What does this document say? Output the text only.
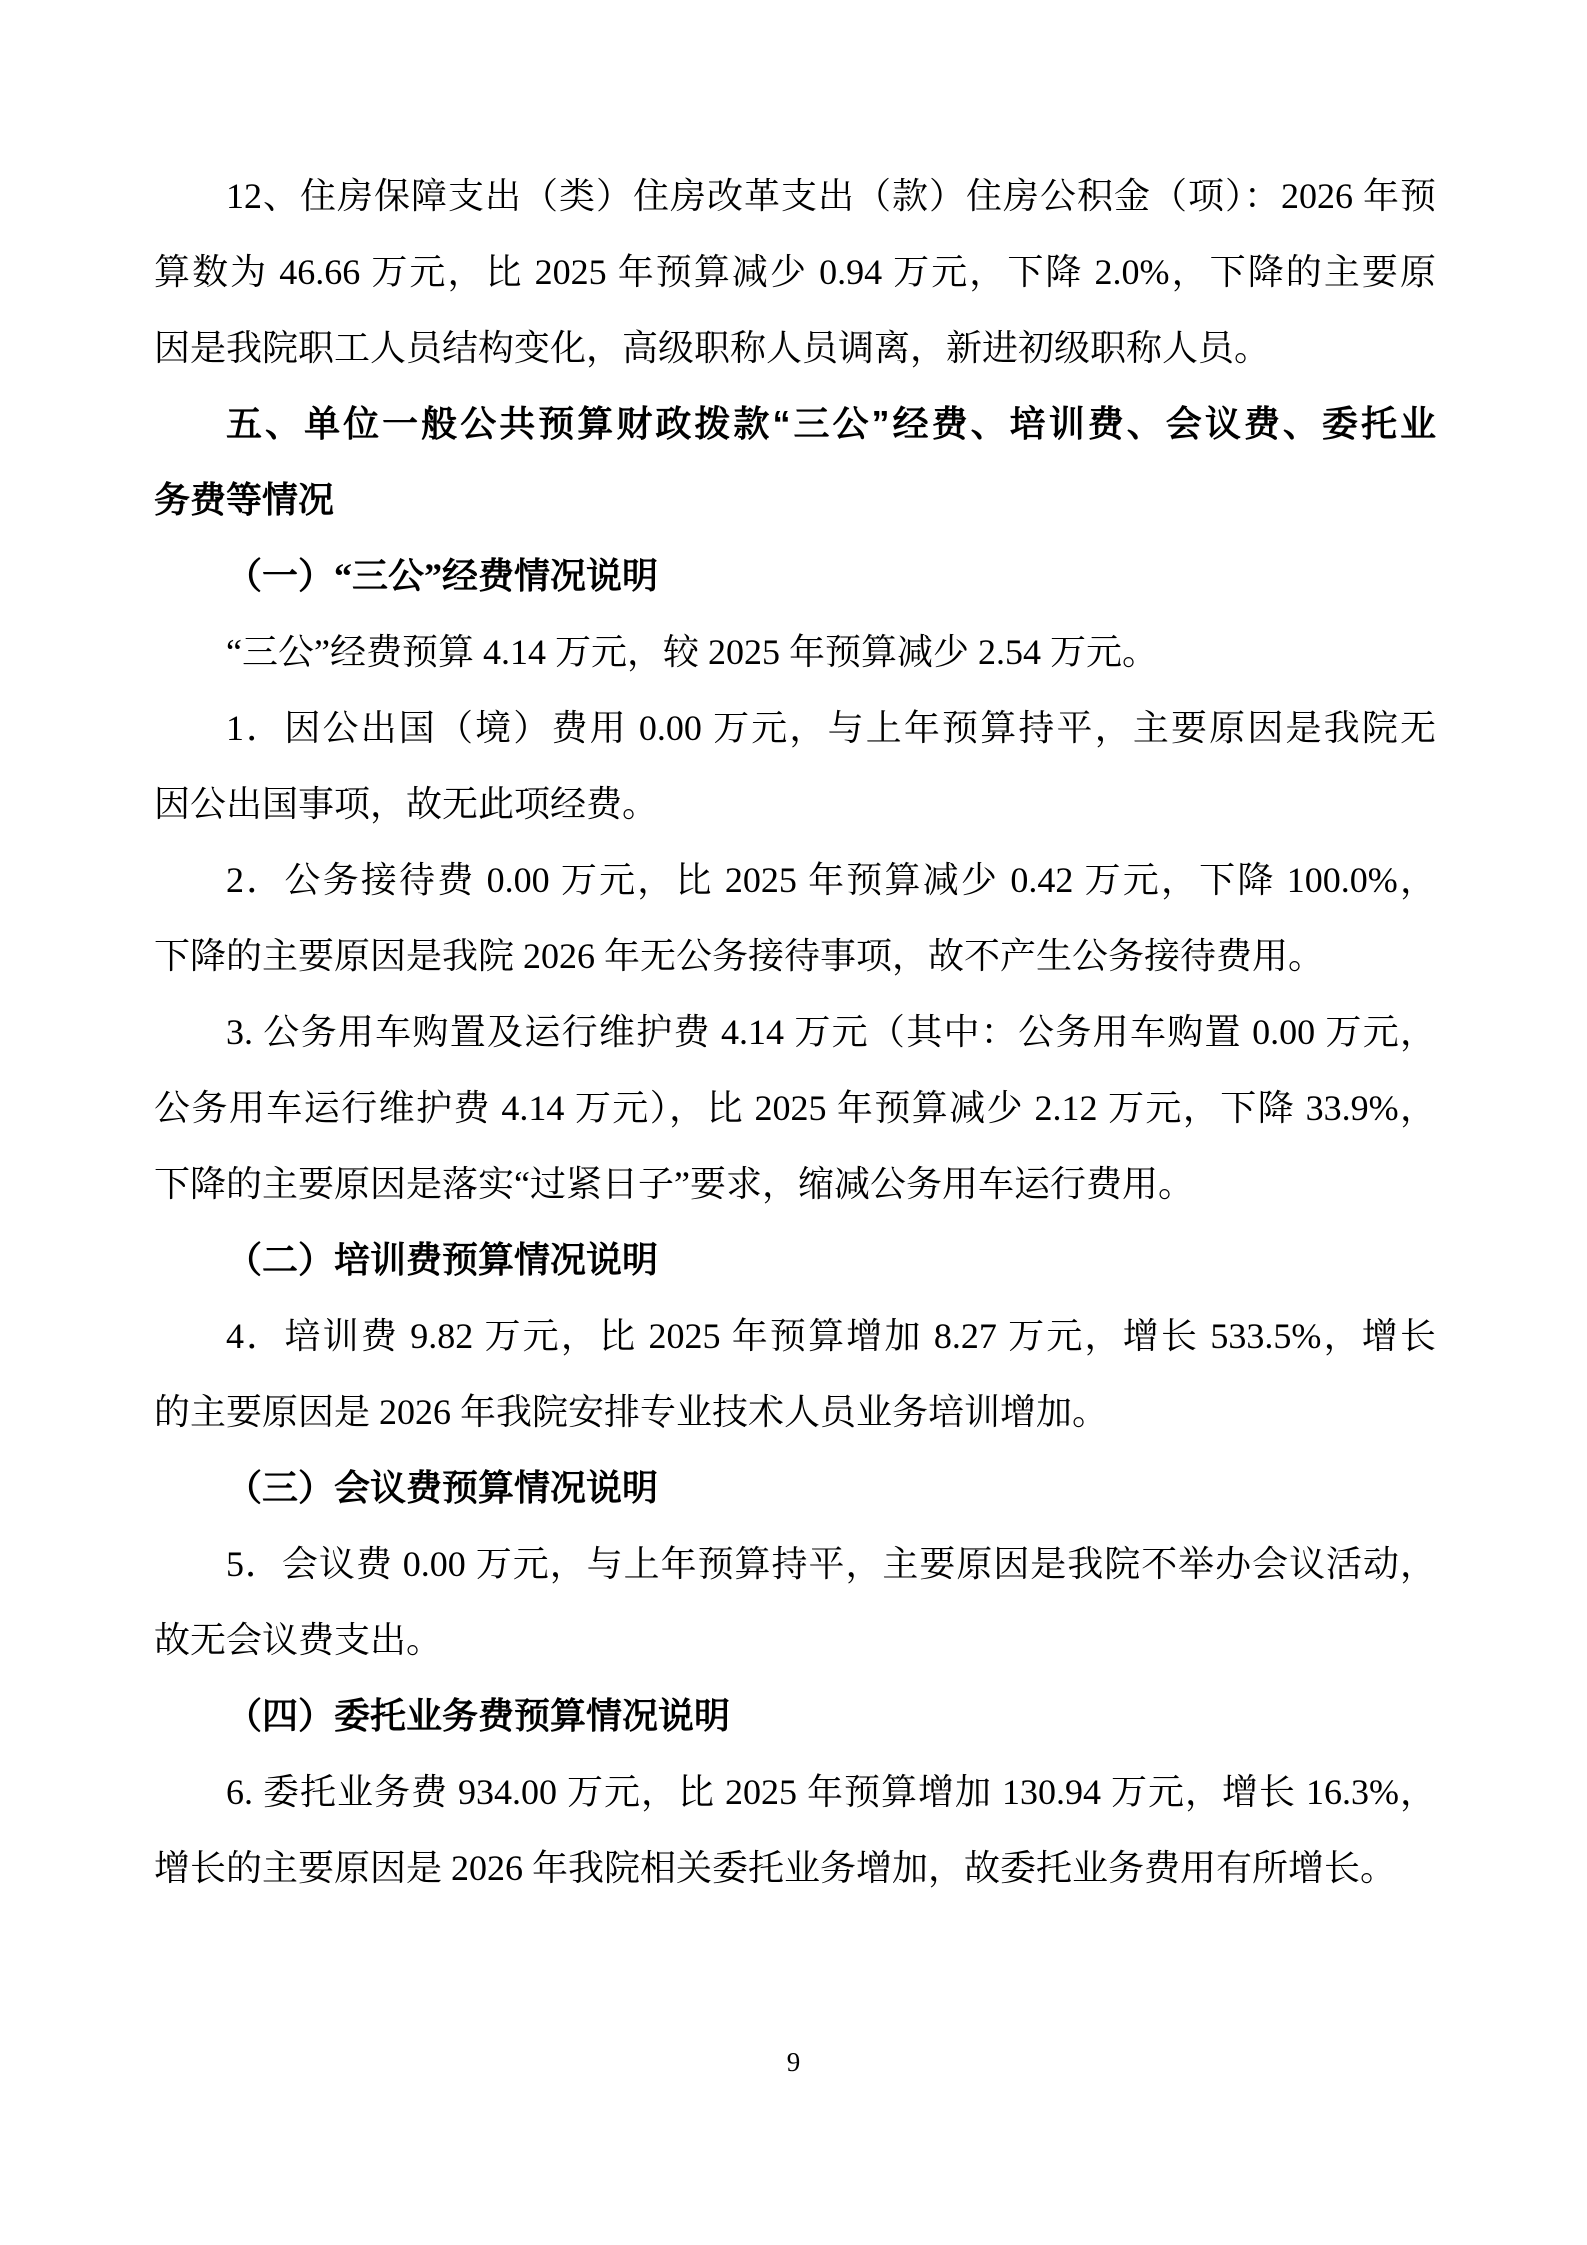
12、住房保障支出（类）住房改革支出（款）住房公积金（项）：2026 年预
算数为 46.66 万元，比 2025 年预算减少 0.94 万元，下降 2.0%，下降的主要原
因是我院职工人员结构变化，高级职称人员调离，新进初级职称人员。
五、单位一般公共预算财政拨款“三公”经费、培训费、会议费、委托业
务费等情况
（一）“三公”经费情况说明
“三公”经费预算 4.14 万元，较 2025 年预算减少 2.54 万元。
1．因公出国（境）费用 0.00 万元，与上年预算持平，主要原因是我院无
因公出国事项，故无此项经费。
2．公务接待费 0.00 万元，比 2025 年预算减少 0.42 万元，下降 100.0%，
下降的主要原因是我院 2026 年无公务接待事项，故不产生公务接待费用。
3. 公务用车购置及运行维护费 4.14 万元（其中：公务用车购置 0.00 万元，
公务用车运行维护费 4.14 万元），比 2025 年预算减少 2.12 万元，下降 33.9%，
下降的主要原因是落实“过紧日子”要求，缩减公务用车运行费用。
（二）培训费预算情况说明
4．培训费 9.82 万元，比 2025 年预算增加 8.27 万元，增长 533.5%，增长
的主要原因是 2026 年我院安排专业技术人员业务培训增加。
（三）会议费预算情况说明
5．会议费 0.00 万元，与上年预算持平，主要原因是我院不举办会议活动，
故无会议费支出。
（四）委托业务费预算情况说明
6. 委托业务费 934.00 万元，比 2025 年预算增加 130.94 万元，增长 16.3%，
增长的主要原因是 2026 年我院相关委托业务增加，故委托业务费用有所增长。
9
